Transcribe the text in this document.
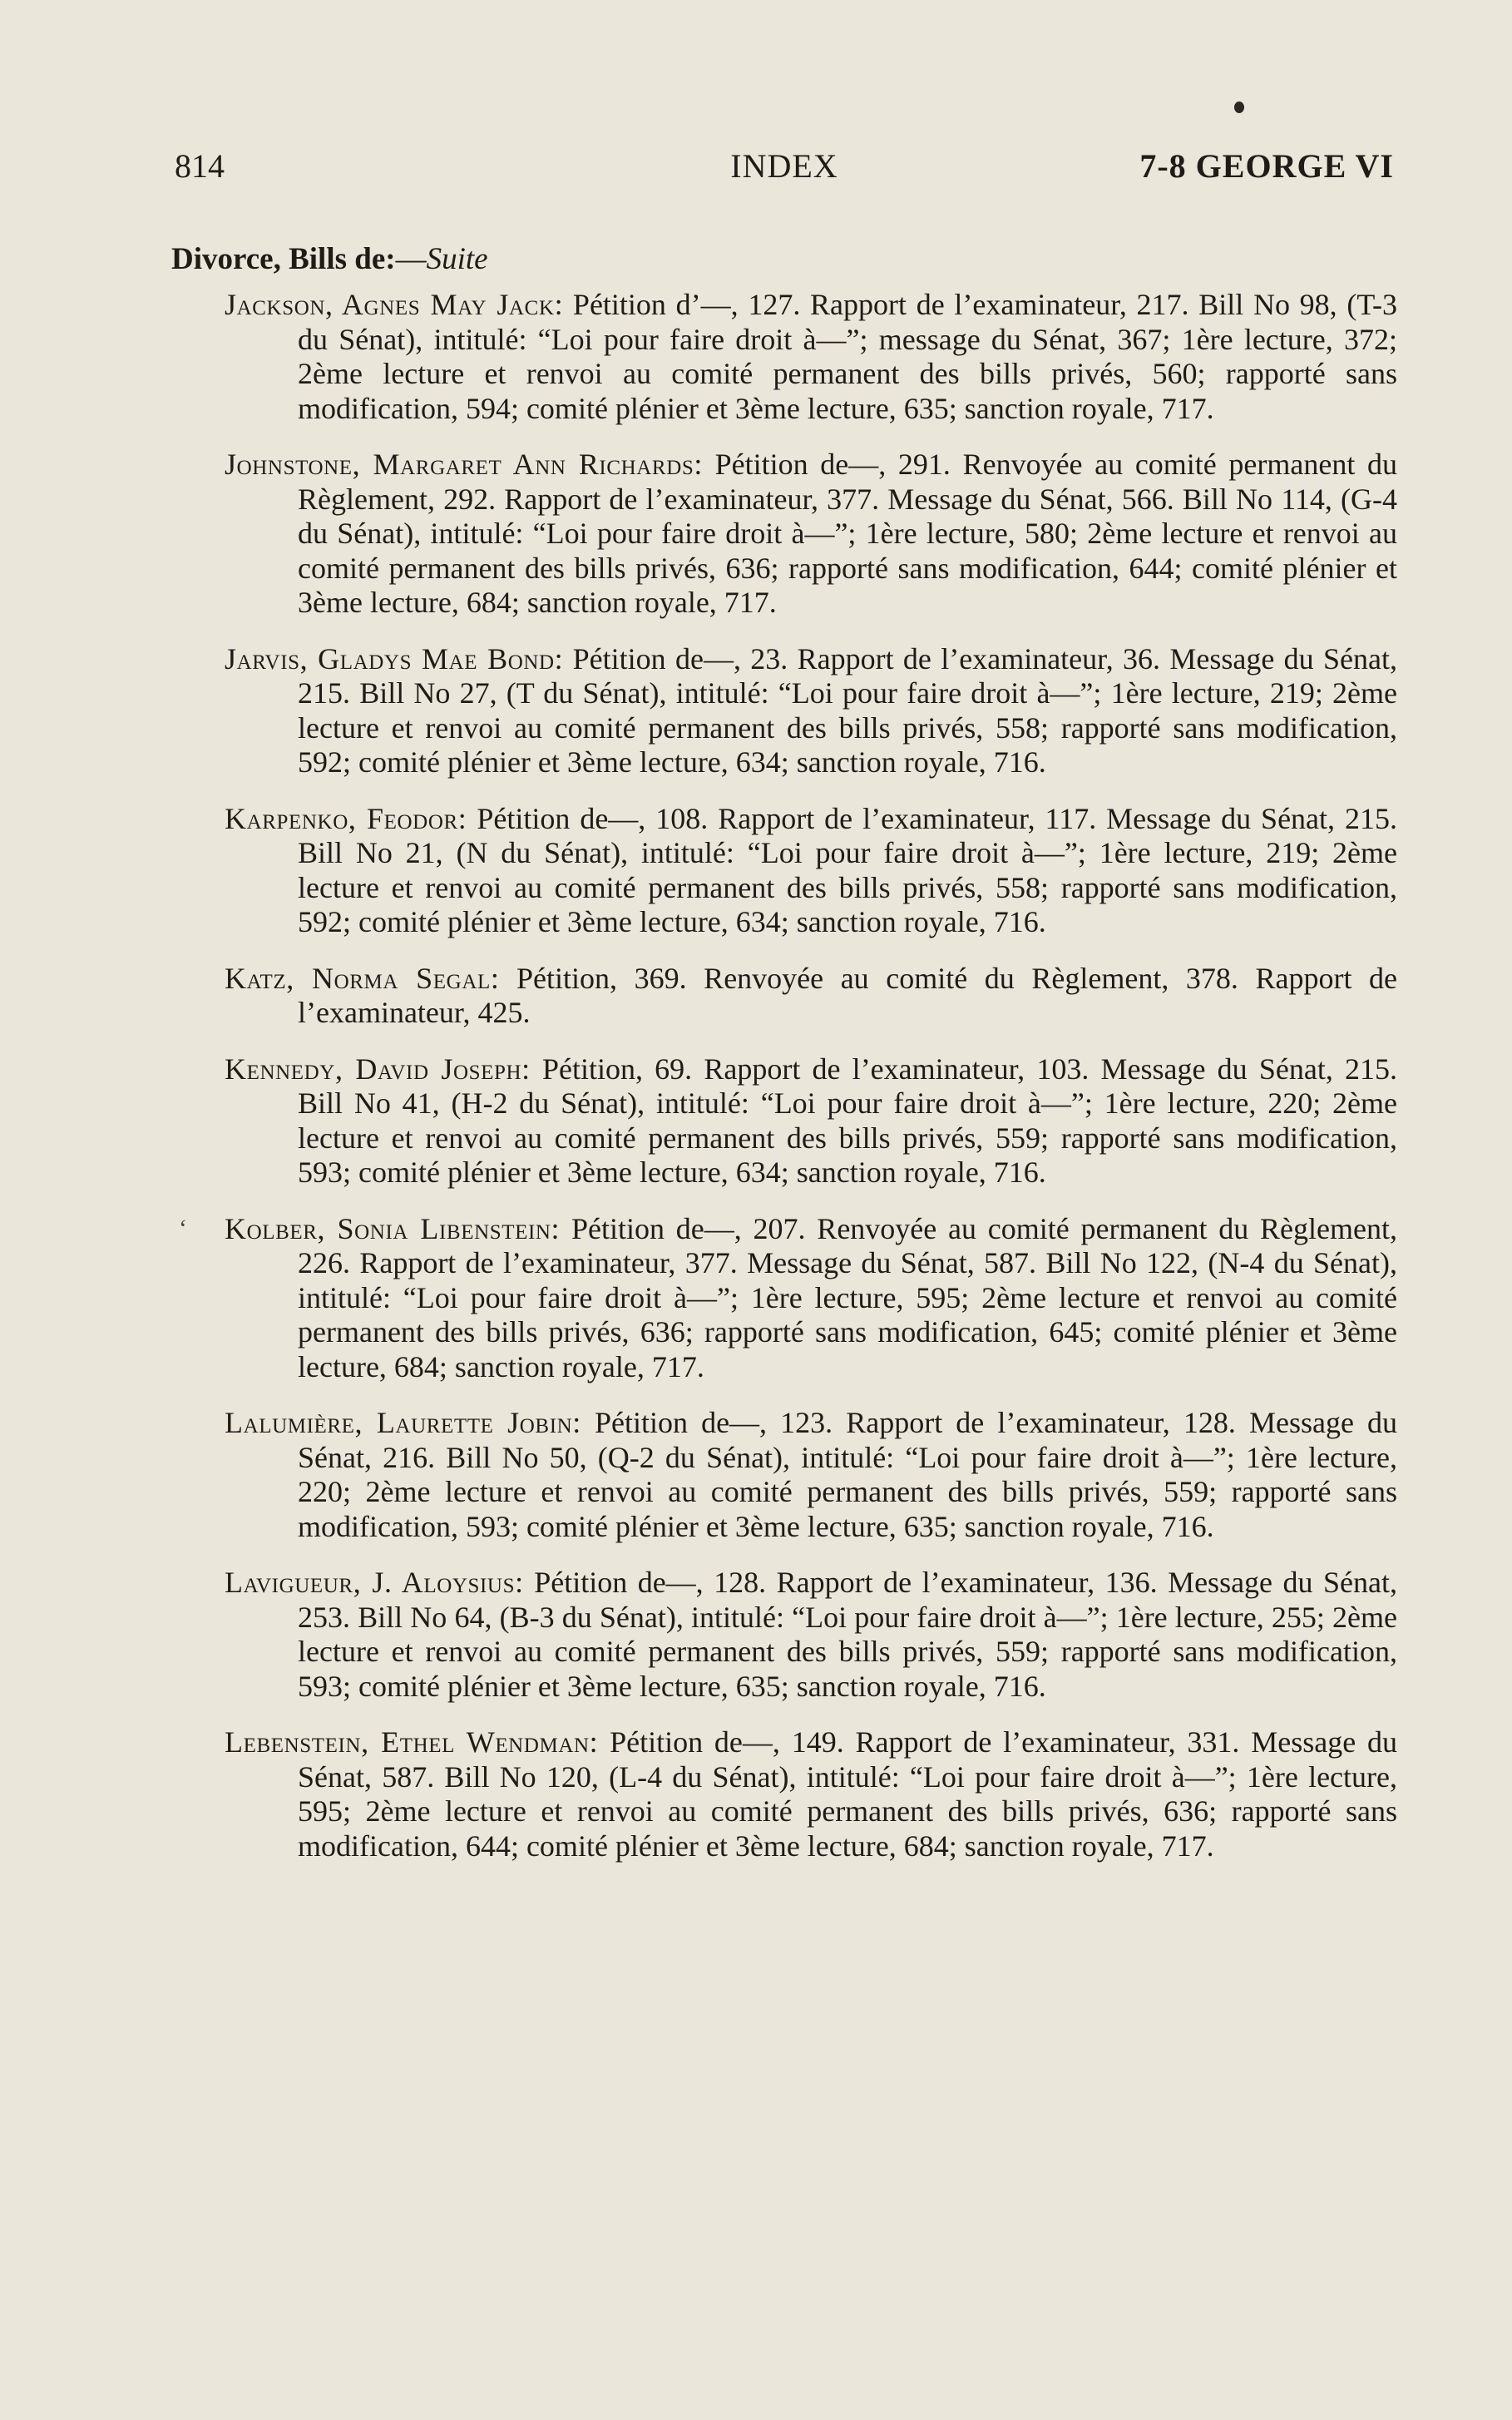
814	INDEX	7-8 GEORGE VI
Divorce, Bills de:—Suite
‘

Jackson, Agnes May Jack: Pétition d’—, 127. Rapport de l’examinateur, 217. Bill No 98, (T-3 du Sénat), intitulé: “Loi pour faire droit à—”; message du Sénat, 367; 1ère lecture, 372; 2ème lecture et renvoi au comité permanent des bills privés, 560; rapporté sans modification, 594; comité plénier et 3ème lecture, 635; sanction royale, 717.

Johnstone, Margaret Ann Richards: Pétition de—, 291. Renvoyée au comité permanent du Règlement, 292. Rapport de l’examinateur, 377. Message du Sénat, 566. Bill No 114, (G-4 du Sénat), intitulé: “Loi pour faire droit à—”; 1ère lecture, 580; 2ème lecture et renvoi au comité permanent des bills privés, 636; rapporté sans modification, 644; comité plénier et 3ème lecture, 684; sanction royale, 717.

Jarvis, Gladys Mae Bond: Pétition de—, 23. Rapport de l’examinateur, 36. Message du Sénat, 215. Bill No 27, (T du Sénat), intitulé: “Loi pour faire droit à—”; 1ère lecture, 219; 2ème lecture et renvoi au comité permanent des bills privés, 558; rapporté sans modification, 592; comité plénier et 3ème lecture, 634; sanction royale, 716.

Karpenko, Feodor: Pétition de—, 108. Rapport de l’examinateur, 117. Message du Sénat, 215. Bill No 21, (N du Sénat), intitulé: “Loi pour faire droit à—”; 1ère lecture, 219; 2ème lecture et renvoi au comité permanent des bills privés, 558; rapporté sans modification, 592; comité plénier et 3ème lecture, 634; sanction royale, 716.

Katz, Norma Segal: Pétition, 369. Renvoyée au comité du Règlement, 378. Rapport de l’examinateur, 425.

Kennedy, David Joseph: Pétition, 69. Rapport de l’examinateur, 103. Message du Sénat, 215. Bill No 41, (H-2 du Sénat), intitulé: “Loi pour faire droit à—”; 1ère lecture, 220; 2ème lecture et renvoi au comité permanent des bills privés, 559; rapporté sans modification, 593; comité plénier et 3ème lecture, 634; sanction royale, 716.

Kolber, Sonia Libenstein: Pétition de—, 207. Renvoyée au comité permanent du Règlement, 226. Rapport de l’examinateur, 377. Message du Sénat, 587. Bill No 122, (N-4 du Sénat), intitulé: “Loi pour faire droit à—”; 1ère lecture, 595; 2ème lecture et renvoi au comité permanent des bills privés, 636; rapporté sans modification, 645; comité plénier et 3ème lecture, 684; sanction royale, 717.

Lalumière, Laurette Jobin: Pétition de—, 123. Rapport de l’examinateur, 128. Message du Sénat, 216. Bill No 50, (Q-2 du Sénat), intitulé: “Loi pour faire droit à—”; 1ère lecture, 220; 2ème lecture et renvoi au comité permanent des bills privés, 559; rapporté sans modification, 593; comité plénier et 3ème lecture, 635; sanction royale, 716.

Lavigueur, J. Aloysius: Pétition de—, 128. Rapport de l’examinateur, 136. Message du Sénat, 253. Bill No 64, (B-3 du Sénat), intitulé: “Loi pour faire droit à—”; 1ère lecture, 255; 2ème lecture et renvoi au comité permanent des bills privés, 559; rapporté sans modification, 593; comité plénier et 3ème lecture, 635; sanction royale, 716.

Lebenstein, Ethel Wendman: Pétition de—, 149. Rapport de l’examinateur, 331. Message du Sénat, 587. Bill No 120, (L-4 du Sénat), intitulé: “Loi pour faire droit à—”; 1ère lecture, 595; 2ème lecture et renvoi au comité permanent des bills privés, 636; rapporté sans modification, 644; comité plénier et 3ème lecture, 684; sanction royale, 717.
